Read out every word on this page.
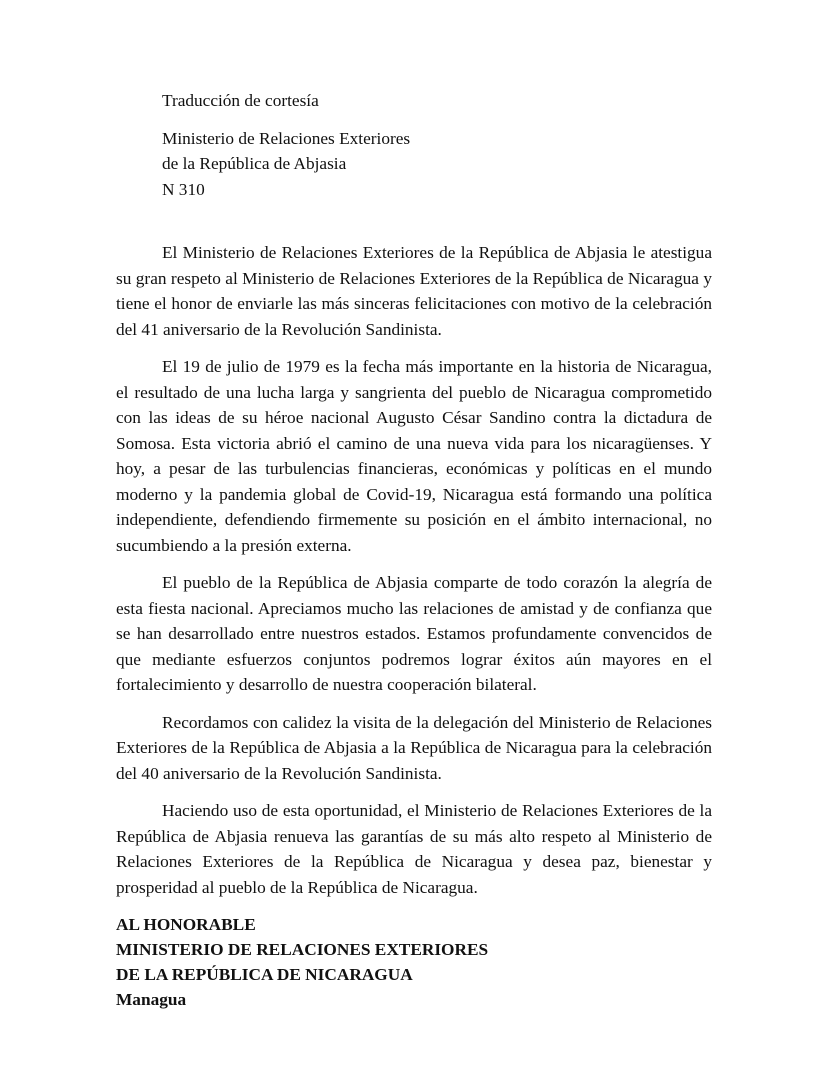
Traducción de cortesía
Ministerio de Relaciones Exteriores
de la República de Abjasia
N 310

El Ministerio de Relaciones Exteriores de la República de Abjasia le atestigua su gran respeto al Ministerio de Relaciones Exteriores de la República de Nicaragua y tiene el honor de enviarle las más sinceras felicitaciones con motivo de la celebración del 41 aniversario de la Revolución Sandinista.

El 19 de julio de 1979 es la fecha más importante en la historia de Nicaragua, el resultado de una lucha larga y sangrienta del pueblo de Nicaragua comprometido con las ideas de su héroe nacional Augusto César Sandino contra la dictadura de Somosa. Esta victoria abrió el camino de una nueva vida para los nicaragüenses. Y hoy, a pesar de las turbulencias financieras, económicas y políticas en el mundo moderno y la pandemia global de Covid-19, Nicaragua está formando una política independiente, defendiendo firmemente su posición en el ámbito internacional, no sucumbiendo a la presión externa.

El pueblo de la República de Abjasia comparte de todo corazón la alegría de esta fiesta nacional. Apreciamos mucho las relaciones de amistad y de confianza que se han desarrollado entre nuestros estados. Estamos profundamente convencidos de que mediante esfuerzos conjuntos podremos lograr éxitos aún mayores en el fortalecimiento y desarrollo de nuestra cooperación bilateral.

Recordamos con calidez la visita de la delegación del Ministerio de Relaciones Exteriores de la República de Abjasia a la República de Nicaragua para la celebración del 40 aniversario de la Revolución Sandinista.

Haciendo uso de esta oportunidad, el Ministerio de Relaciones Exteriores de la República de Abjasia renueva las garantías de su más alto respeto al Ministerio de Relaciones Exteriores de la República de Nicaragua y desea paz, bienestar y prosperidad al pueblo de la República de Nicaragua.

AL HONORABLE
MINISTERIO DE RELACIONES EXTERIORES
DE LA REPÚBLICA DE NICARAGUA
Managua
